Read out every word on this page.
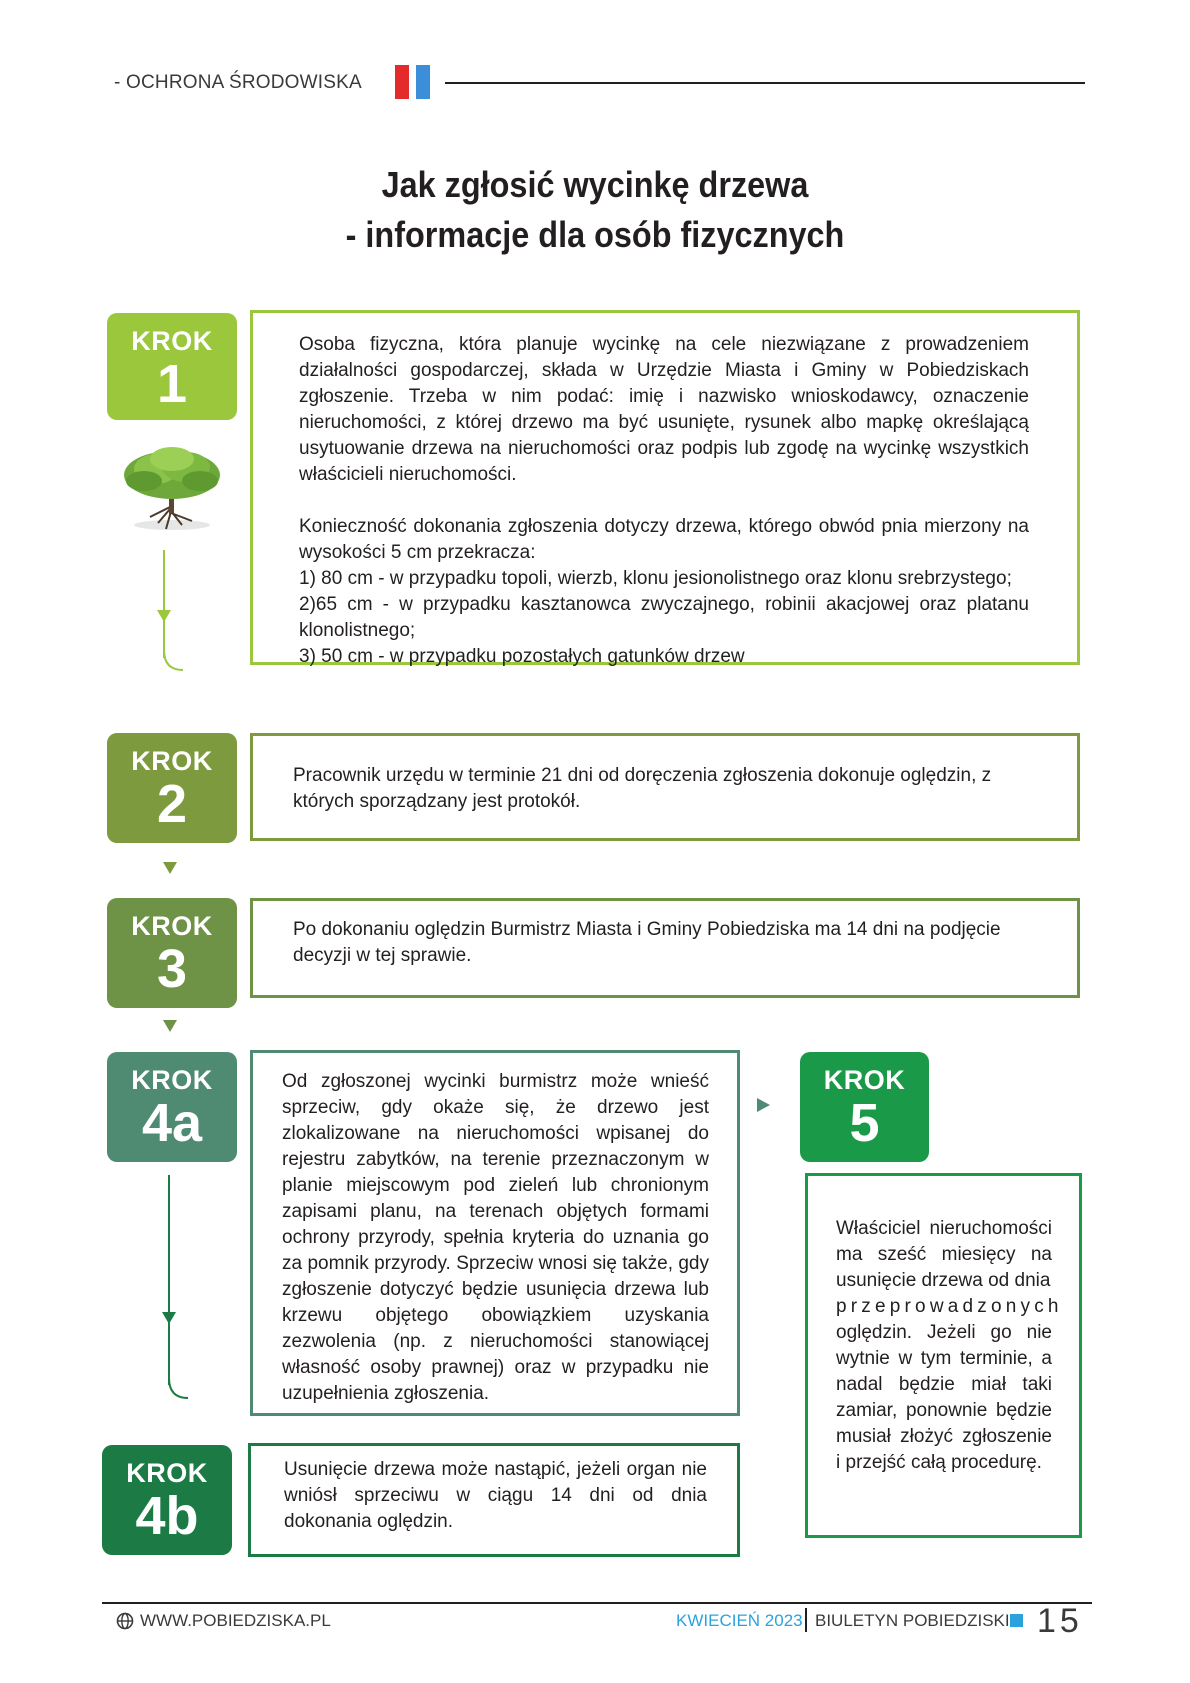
- OCHRONA ŚRODOWISKA
Jak zgłosić wycinkę drzewa
- informacje dla osób fizycznych
KROK
1

Osoba fizyczna, która planuje wycinkę na cele niezwiązane z prowadzeniem działalności gospodarczej, składa w Urzędzie Miasta i Gminy w Pobiedziskach zgłoszenie. Trzeba w nim podać: imię i nazwisko wnioskodawcy, oznaczenie nieruchomości, z której drzewo ma być usunięte, rysunek albo mapkę określającą usytuowanie drzewa na nieruchomości oraz podpis lub zgodę na wycinkę wszystkich właścicieli nieruchomości.

Konieczność dokonania zgłoszenia dotyczy drzewa, którego obwód pnia mierzony na wysokości 5 cm przekracza:

1) 80 cm - w przypadku topoli, wierzb, klonu jesionolistnego oraz klonu srebrzystego;

2)65 cm - w przypadku kasztanowca zwyczajnego, robinii akacjowej oraz platanu klonolistnego;

3) 50 cm - w przypadku pozostałych gatunków drzew

KROK
2	Pracownik urzędu w terminie 21 dni od doręczenia zgłoszenia dokonuje oględzin, z których sporządzany jest protokół.

KROK
3

Po dokonaniu oględzin Burmistrz Miasta i Gminy Pobiedziska ma 14 dni na podjęcie decyzji w tej sprawie.

KROK
4a

Od zgłoszonej wycinki burmistrz może wnieść sprzeciw, gdy okaże się, że drzewo jest zlokalizowane na nieruchomości wpisanej do rejestru zabytków, na terenie przeznaczonym w planie miejscowym pod zieleń lub chronionym zapisami planu, na terenach objętych formami ochrony przyrody, spełnia kryteria do uznania go za pomnik przyrody. Sprzeciw wnosi się także, gdy zgłoszenie dotyczyć będzie usunięcia drzewa lub krzewu objętego obowiązkiem uzyskania zezwolenia (np. z nieruchomości stanowiącej własność osoby prawnej) oraz w przypadku nie uzupełnienia zgłoszenia.

KROK
4b

Usunięcie drzewa może nastąpić, jeżeli organ nie wniósł sprzeciwu w ciągu 14 dni od dnia dokonania oględzin.

KROK
5

Właściciel nieruchomości ma sześć miesięcy na usunięcie drzewa od dnia

przeprowadzonych

oględzin. Jeżeli go nie wytnie w tym terminie, a nadal będzie miał taki zamiar, ponownie będzie musiał złożyć zgłoszenie i przejść całą procedurę.

WWW.POBIEDZISKA.PL	KWIECIEŃ 2023 BIULETYN POBIEDZISKI 15
